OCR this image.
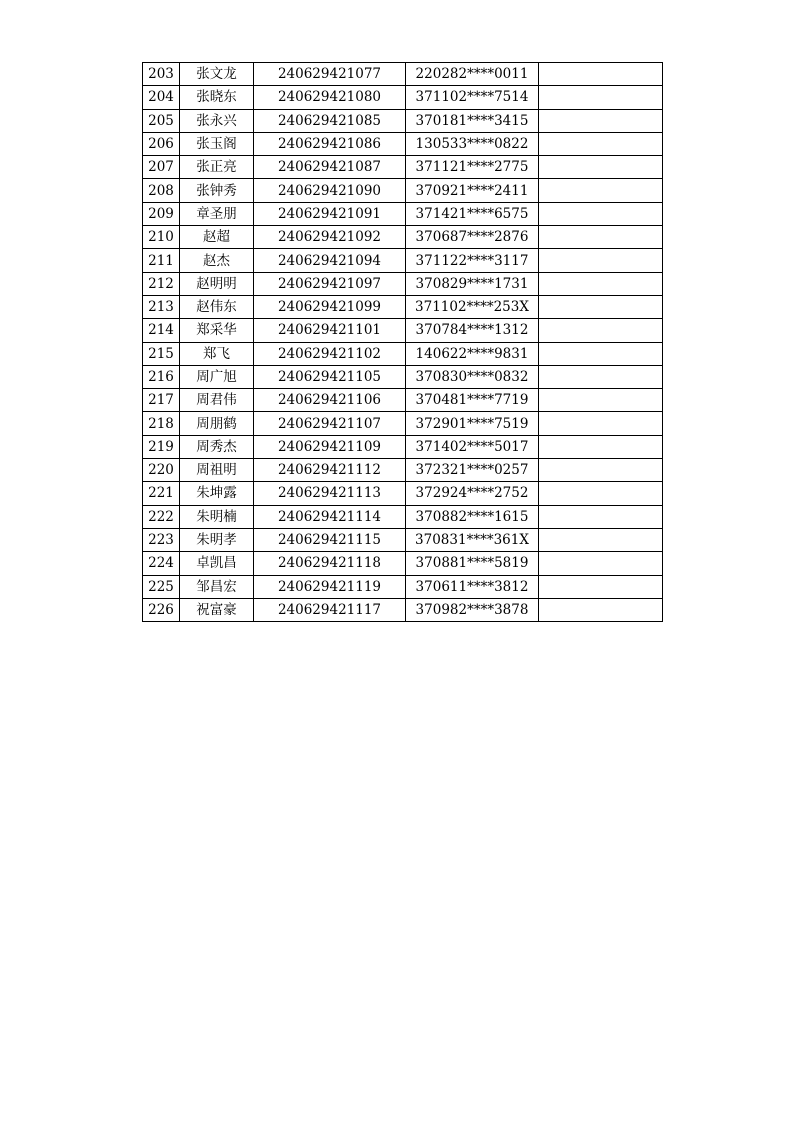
203	张文龙	240629421077	220282****0011	
204	张晓东	240629421080	371102****7514	
205	张永兴	240629421085	370181****3415	
206	张玉阁	240629421086	130533****0822	
207	张正亮	240629421087	371121****2775	
208	张钟秀	240629421090	370921****2411	
209	章圣朋	240629421091	371421****6575	
210	赵超	240629421092	370687****2876	
211	赵杰	240629421094	371122****3117	
212	赵明明	240629421097	370829****1731	
213	赵伟东	240629421099	371102****253X	
214	郑采华	240629421101	370784****1312	
215	郑飞	240629421102	140622****9831	
216	周广旭	240629421105	370830****0832	
217	周君伟	240629421106	370481****7719	
218	周朋鹤	240629421107	372901****7519	
219	周秀杰	240629421109	371402****5017	
220	周祖明	240629421112	372321****0257	
221	朱坤露	240629421113	372924****2752	
222	朱明楠	240629421114	370882****1615	
223	朱明孝	240629421115	370831****361X	
224	卓凯昌	240629421118	370881****5819	
225	邹昌宏	240629421119	370611****3812	
226	祝富豪	240629421117	370982****3878	
